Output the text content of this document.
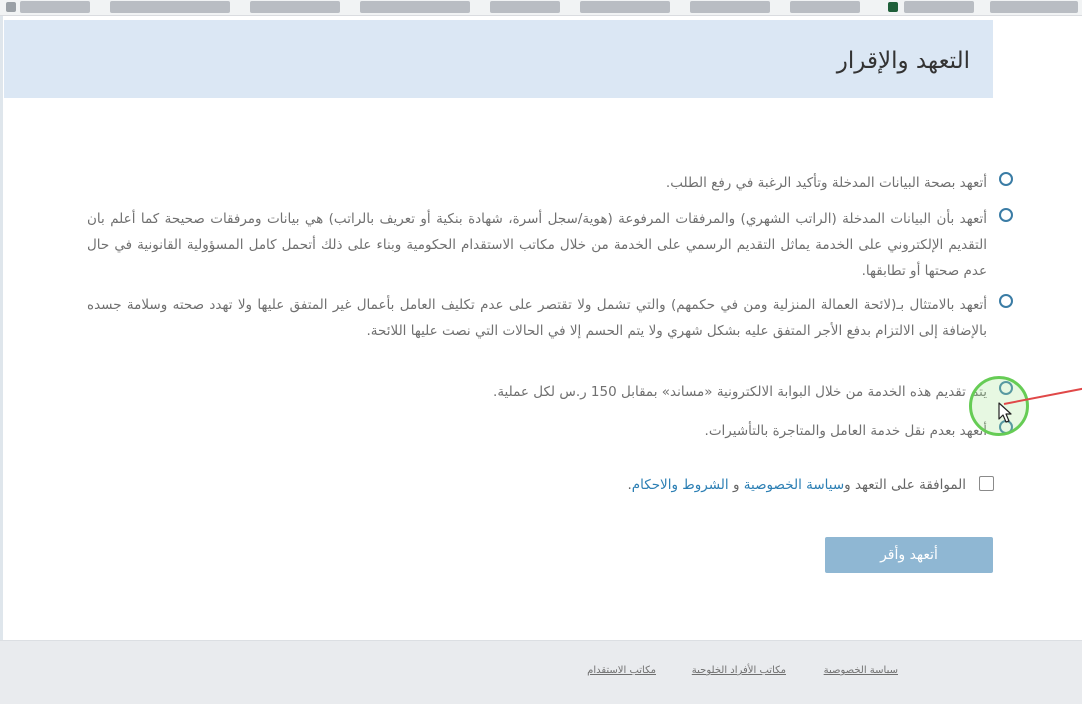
التعهد والإقرار

أتعهد بصحة البيانات المدخلة وتأكيد الرغبة في رفع الطلب.

أتعهد بأن البيانات المدخلة (الراتب الشهري) والمرفقات المرفوعة (هوية/سجل أسرة، شهادة بنكية أو تعريف بالراتب) هي بيانات ومرفقات صحيحة كما أعلم بان التقديم الإلكتروني على الخدمة يماثل التقديم الرسمي على الخدمة من خلال مكاتب الاستقدام الحكومية وبناء على ذلك أتحمل كامل المسؤولية القانونية في حال عدم صحتها أو تطابقها.

أتعهد بالامتثال بـ(لائحة العمالة المنزلية ومن في حكمهم) والتي تشمل ولا تقتصر على عدم تكليف العامل بأعمال غير المتفق عليها ولا تهدد صحته وسلامة جسده بالإضافة إلى الالتزام بدفع الأجر المتفق عليه بشكل شهري ولا يتم الحسم إلا في الحالات التي نصت عليها اللائحة.

يتم تقديم هذه الخدمة من خلال البوابة الالكترونية «مساند» بمقابل 150 ر.س لكل عملية.

أتعهد بعدم نقل خدمة العامل والمتاجرة بالتأشيرات.

الموافقة على التعهد وسياسة الخصوصية و الشروط والاحكام.
أتعهد وأقر
سياسة الخصوصية
مكاتب الأفراد الخلوجية
مكاتب الاستقدام
